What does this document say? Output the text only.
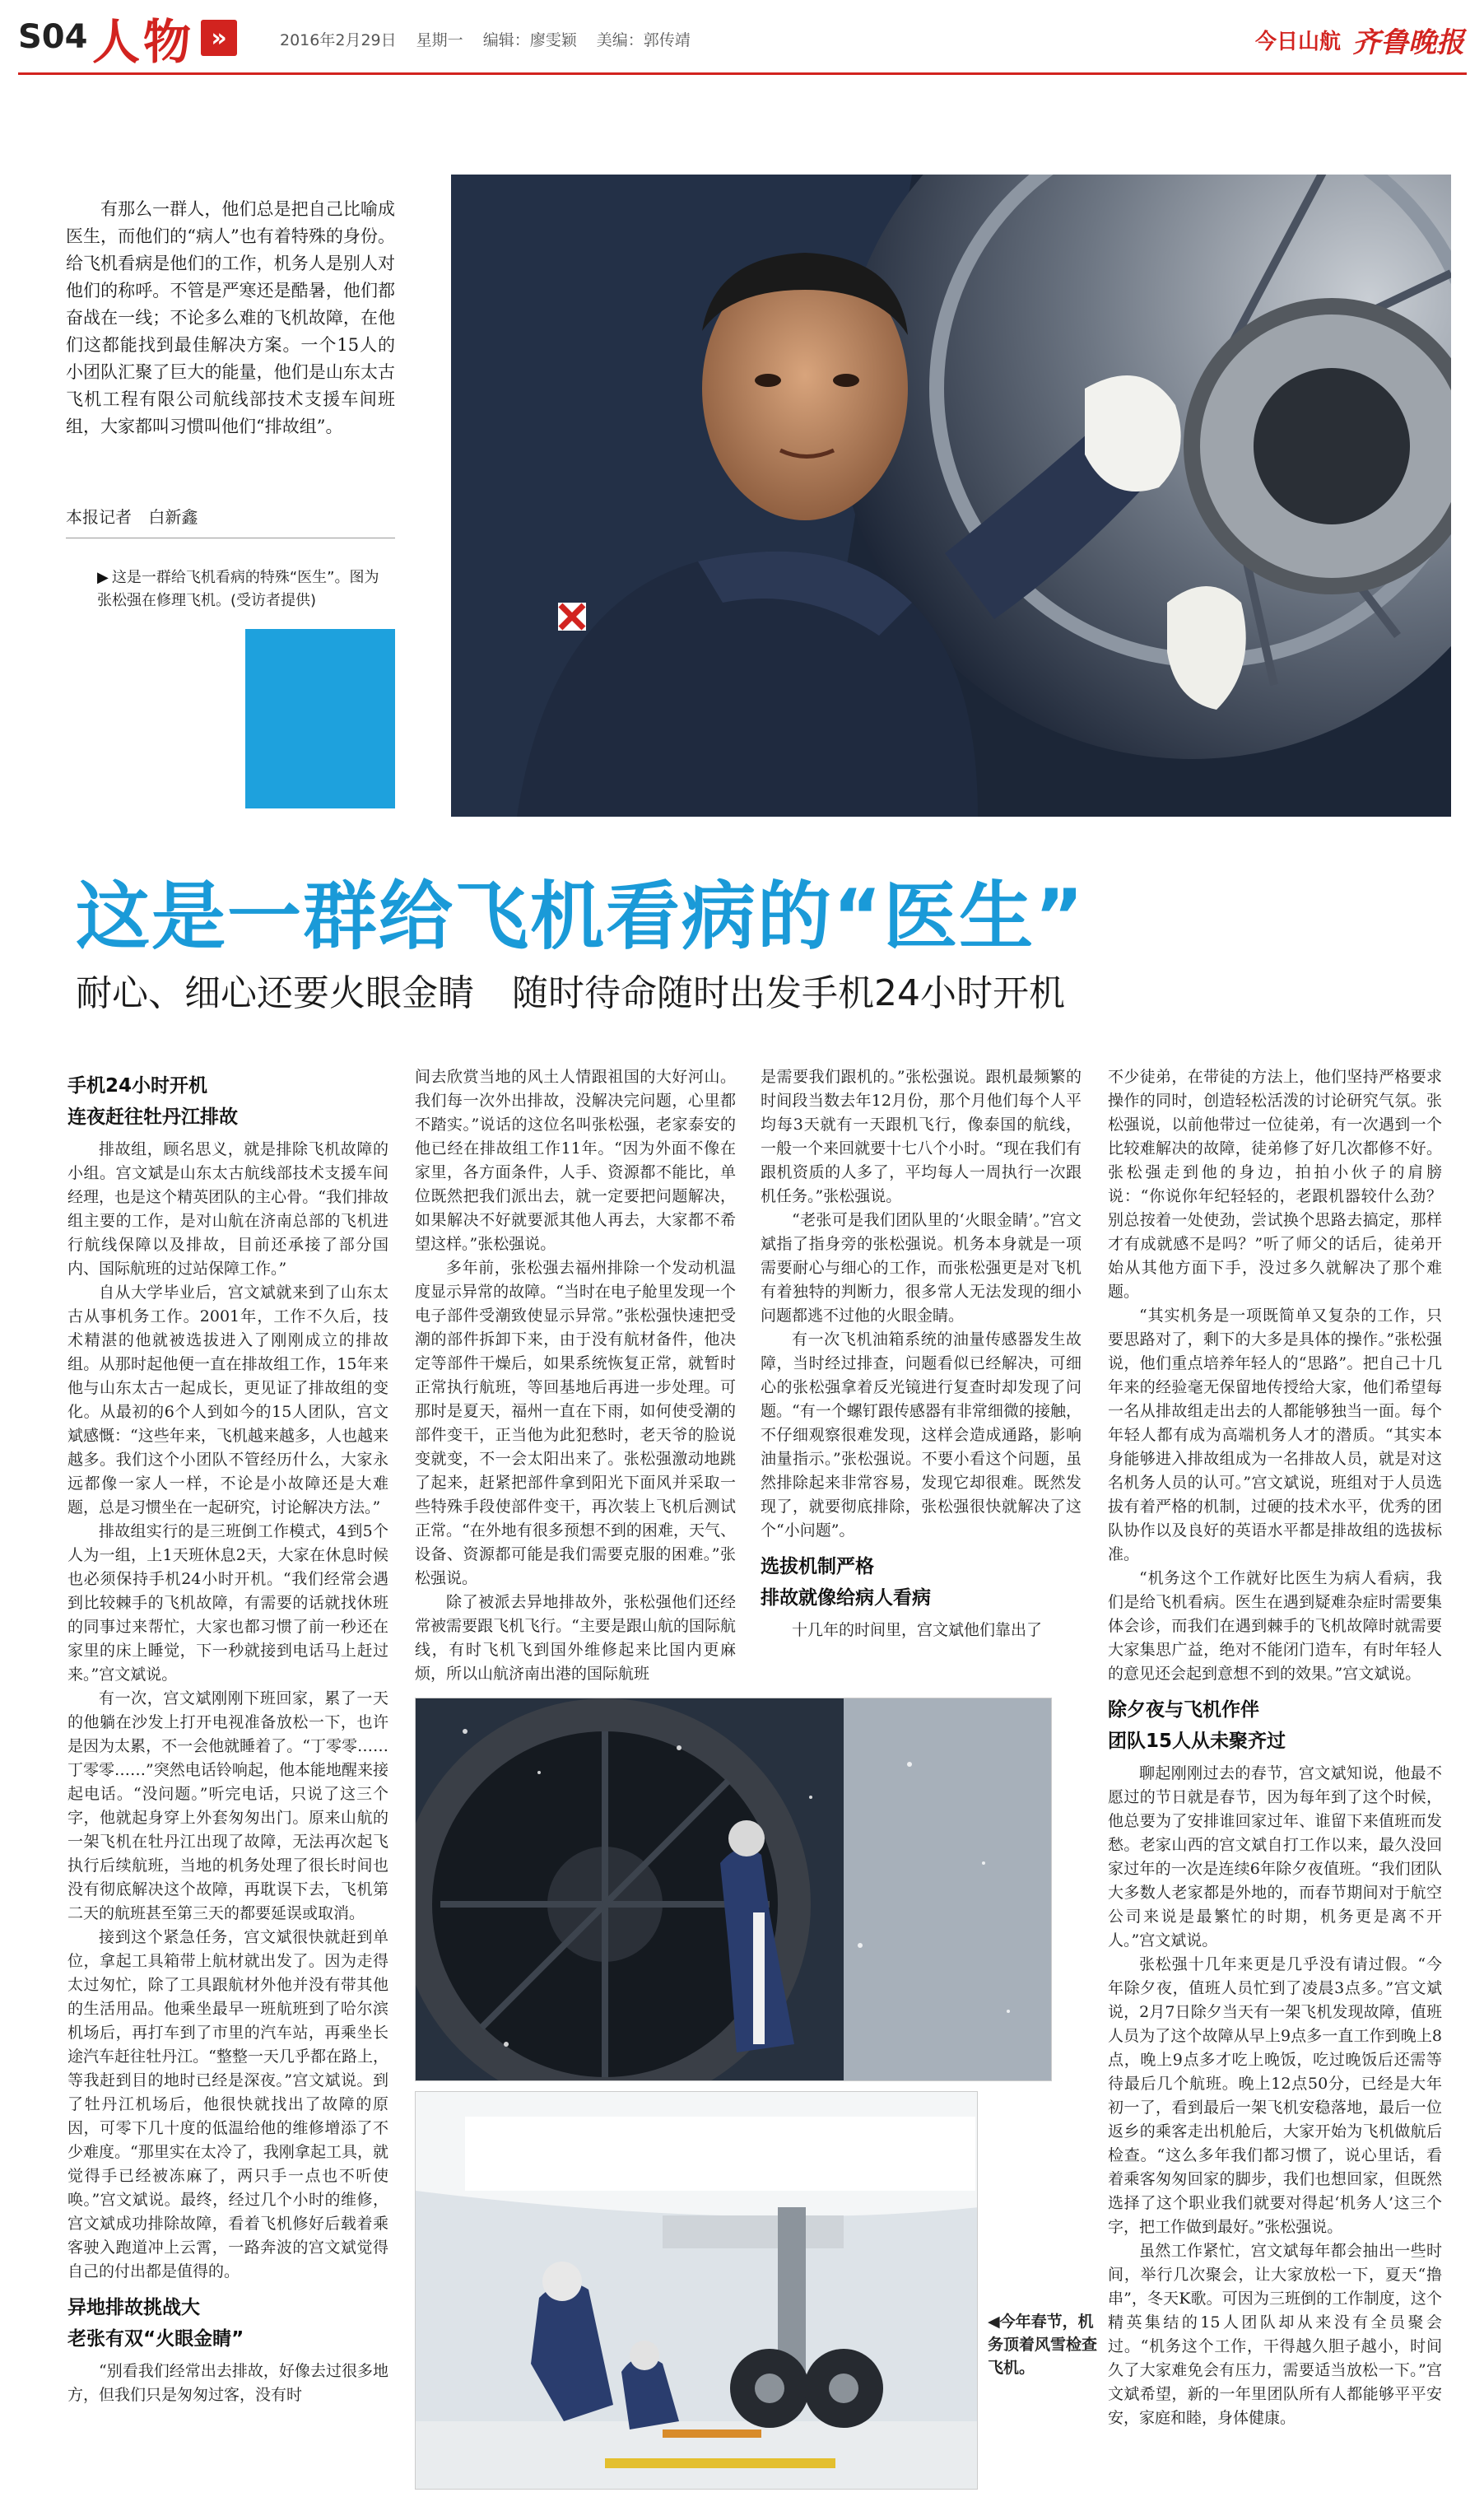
S04 人物 »	2016年2月29日 星期一 编辑：廖雯颖 美编：郭传靖	今日山航 齐鲁晚报
有那么一群人，他们总是把自己比喻成医生，而他们的“病人”也有着特殊的身份。给飞机看病是他们的工作，机务人是别人对他们的称呼。不管是严寒还是酷暑，他们都奋战在一线；不论多么难的飞机故障，在他们这都能找到最佳解决方案。一个15人的小团队汇聚了巨大的能量，他们是山东太古飞机工程有限公司航线部技术支援车间班组，大家都叫习惯叫他们“排故组”。
本报记者 白新鑫
▶ 这是一群给飞机看病的特殊“医生”。图为张松强在修理飞机。(受访者提供)
这是一群给飞机看病的“医生”
耐心、细心还要火眼金睛 随时待命随时出发手机24小时开机
手机24小时开机
连夜赶往牡丹江排故

排故组，顾名思义，就是排除飞机故障的小组。宫文斌是山东太古航线部技术支援车间经理，也是这个精英团队的主心骨。“我们排故组主要的工作，是对山航在济南总部的飞机进行航线保障以及排故，目前还承接了部分国内、国际航班的过站保障工作。”

自从大学毕业后，宫文斌就来到了山东太古从事机务工作。2001年，工作不久后，技术精湛的他就被选拔进入了刚刚成立的排故组。从那时起他便一直在排故组工作，15年来他与山东太古一起成长，更见证了排故组的变化。从最初的6个人到如今的15人团队，宫文斌感慨：“这些年来，飞机越来越多，人也越来越多。我们这个小团队不管经历什么，大家永远都像一家人一样，不论是小故障还是大难题，总是习惯坐在一起研究，讨论解决方法。”

排故组实行的是三班倒工作模式，4到5个人为一组，上1天班休息2天，大家在休息时候也必须保持手机24小时开机。“我们经常会遇到比较棘手的飞机故障，有需要的话就找休班的同事过来帮忙，大家也都习惯了前一秒还在家里的床上睡觉，下一秒就接到电话马上赶过来。”宫文斌说。

有一次，宫文斌刚刚下班回家，累了一天的他躺在沙发上打开电视准备放松一下，也许是因为太累，不一会他就睡着了。“丁零零……丁零零……”突然电话铃响起，他本能地醒来接起电话。“没问题。”听完电话，只说了这三个字，他就起身穿上外套匆匆出门。原来山航的一架飞机在牡丹江出现了故障，无法再次起飞执行后续航班，当地的机务处理了很长时间也没有彻底解决这个故障，再耽误下去，飞机第二天的航班甚至第三天的都要延误或取消。

接到这个紧急任务，宫文斌很快就赶到单位，拿起工具箱带上航材就出发了。因为走得太过匆忙，除了工具跟航材外他并没有带其他的生活用品。他乘坐最早一班航班到了哈尔滨机场后，再打车到了市里的汽车站，再乘坐长途汽车赶往牡丹江。“整整一天几乎都在路上，等我赶到目的地时已经是深夜。”宫文斌说。到了牡丹江机场后，他很快就找出了故障的原因，可零下几十度的低温给他的维修增添了不少难度。“那里实在太冷了，我刚拿起工具，就觉得手已经被冻麻了，两只手一点也不听使唤。”宫文斌说。最终，经过几个小时的维修，宫文斌成功排除故障，看着飞机修好后载着乘客驶入跑道冲上云霄，一路奔波的宫文斌觉得自己的付出都是值得的。

异地排故挑战大
老张有双“火眼金睛”

“别看我们经常出去排故，好像去过很多地方，但我们只是匆匆过客，没有时

间去欣赏当地的风土人情跟祖国的大好河山。我们每一次外出排故，没解决完问题，心里都不踏实。”说话的这位名叫张松强，老家泰安的他已经在排故组工作11年。“因为外面不像在家里，各方面条件，人手、资源都不能比，单位既然把我们派出去，就一定要把问题解决，如果解决不好就要派其他人再去，大家都不希望这样。”张松强说。

多年前，张松强去福州排除一个发动机温度显示异常的故障。“当时在电子舱里发现一个电子部件受潮致使显示异常。”张松强快速把受潮的部件拆卸下来，由于没有航材备件，他决定等部件干燥后，如果系统恢复正常，就暂时正常执行航班，等回基地后再进一步处理。可那时是夏天，福州一直在下雨，如何使受潮的部件变干，正当他为此犯愁时，老天爷的脸说变就变，不一会太阳出来了。张松强激动地跳了起来，赶紧把部件拿到阳光下面风并采取一些特殊手段使部件变干，再次装上飞机后测试正常。“在外地有很多预想不到的困难，天气、设备、资源都可能是我们需要克服的困难。”张松强说。

除了被派去异地排故外，张松强他们还经常被需要跟飞机飞行。“主要是跟山航的国际航线，有时飞机飞到国外维修起来比国内更麻烦，所以山航济南出港的国际航班

是需要我们跟机的。”张松强说。跟机最频繁的时间段当数去年12月份，那个月他们每个人平均每3天就有一天跟机飞行，像泰国的航线，一般一个来回就要十七八个小时。“现在我们有跟机资质的人多了，平均每人一周执行一次跟机任务。”张松强说。

“老张可是我们团队里的‘火眼金睛’。”宫文斌指了指身旁的张松强说。机务本身就是一项需要耐心与细心的工作，而张松强更是对飞机有着独特的判断力，很多常人无法发现的细小问题都逃不过他的火眼金睛。

有一次飞机油箱系统的油量传感器发生故障，当时经过排查，问题看似已经解决，可细心的张松强拿着反光镜进行复查时却发现了问题。“有一个螺钉跟传感器有非常细微的接触，不仔细观察很难发现，这样会造成通路，影响油量指示。”张松强说。不要小看这个问题，虽然排除起来非常容易，发现它却很难。既然发现了，就要彻底排除，张松强很快就解决了这个“小问题”。

选拔机制严格
排故就像给病人看病

十几年的时间里，宫文斌他们靠出了

不少徒弟，在带徒的方法上，他们坚持严格要求操作的同时，创造轻松活泼的讨论研究气氛。张松强说，以前他带过一位徒弟，有一次遇到一个比较难解决的故障，徒弟修了好几次都修不好。张松强走到他的身边，拍拍小伙子的肩膀说：“你说你年纪轻轻的，老跟机器较什么劲？别总按着一处使劲，尝试换个思路去搞定，那样才有成就感不是吗？”听了师父的话后，徒弟开始从其他方面下手，没过多久就解决了那个难题。

“其实机务是一项既简单又复杂的工作，只要思路对了，剩下的大多是具体的操作。”张松强说，他们重点培养年轻人的“思路”。把自己十几年来的经验毫无保留地传授给大家，他们希望每一名从排故组走出去的人都能够独当一面。每个年轻人都有成为高端机务人才的潜质。“其实本身能够进入排故组成为一名排故人员，就是对这名机务人员的认可。”宫文斌说，班组对于人员选拔有着严格的机制，过硬的技术水平，优秀的团队协作以及良好的英语水平都是排故组的选拔标准。

“机务这个工作就好比医生为病人看病，我们是给飞机看病。医生在遇到疑难杂症时需要集体会诊，而我们在遇到棘手的飞机故障时就需要大家集思广益，绝对不能闭门造车，有时年轻人的意见还会起到意想不到的效果。”宫文斌说。

除夕夜与飞机作伴
团队15人从未聚齐过

聊起刚刚过去的春节，宫文斌知说，他最不愿过的节日就是春节，因为每年到了这个时候，他总要为了安排谁回家过年、谁留下来值班而发愁。老家山西的宫文斌自打工作以来，最久没回家过年的一次是连续6年除夕夜值班。“我们团队大多数人老家都是外地的，而春节期间对于航空公司来说是最繁忙的时期，机务更是离不开人。”宫文斌说。

张松强十几年来更是几乎没有请过假。“今年除夕夜，值班人员忙到了凌晨3点多。”宫文斌说，2月7日除夕当天有一架飞机发现故障，值班人员为了这个故障从早上9点多一直工作到晚上8点，晚上9点多才吃上晚饭，吃过晚饭后还需等待最后几个航班。晚上12点50分，已经是大年初一了，看到最后一架飞机安稳落地，最后一位返乡的乘客走出机舱后，大家开始为飞机做航后检查。“这么多年我们都习惯了，说心里话，看着乘客匆匆回家的脚步，我们也想回家，但既然选择了这个职业我们就要对得起‘机务人’这三个字，把工作做到最好。”张松强说。

虽然工作紧忙，宫文斌每年都会抽出一些时间，举行几次聚会，让大家放松一下，夏天“撸串”，冬天K歌。可因为三班倒的工作制度，这个精英集结的15人团队却从来没有全员聚会过。“机务这个工作，干得越久胆子越小，时间久了大家难免会有压力，需要适当放松一下。”宫文斌希望，新的一年里团队所有人都能够平平安安，家庭和睦，身体健康。

◀今年春节，机务顶着风雪检查飞机。
